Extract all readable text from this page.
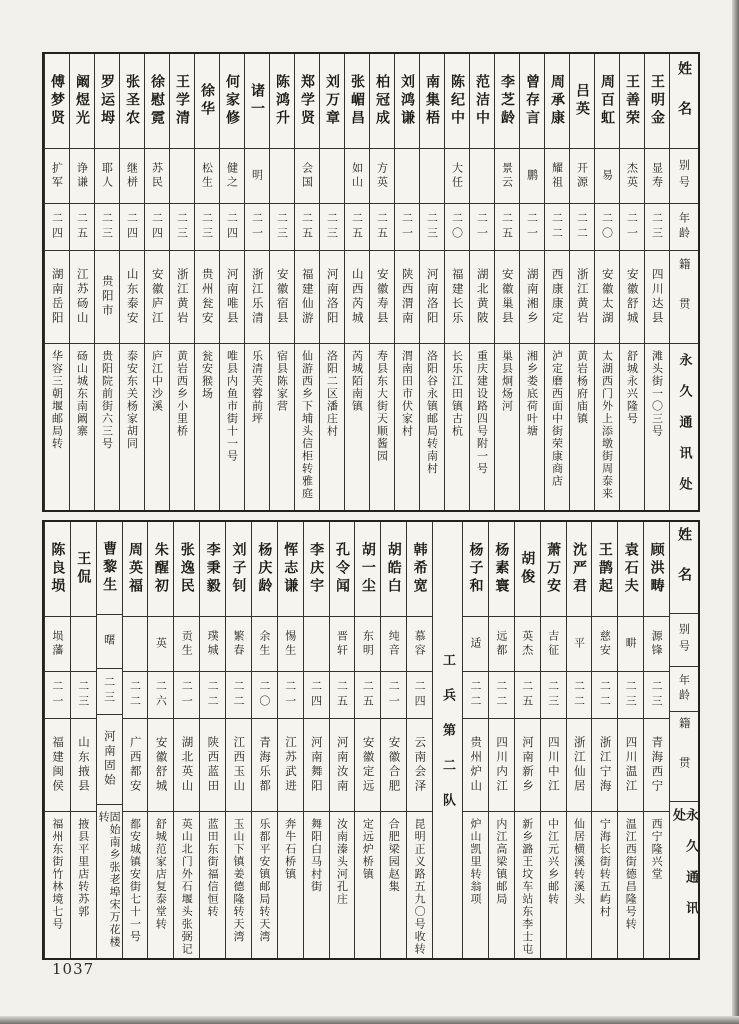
姓名
别号
年龄
籍贯
永久通讯处
王明金
显寿
二三
四川达县
滩头街一〇三号
王善荣
杰英
二一
安徽舒城
舒城永兴隆号
周百虹
易
二〇
安徽太湖
太湖西门外上添墩街周泰来
吕英
开源
二二
浙江黄岩
黄岩杨府庙镇
周承康
耀祖
二二
西康康定
泸定磨西面中街荣康商店
曾存言
鹏
二一
湖南湘乡
湘乡娄底荷叶塘
李芝龄
景云
二五
安徽巢县
巢县炯炀河
范洁中
二一
湖北黄陂
重庆建设路四号附一号
陈纪中
大任
二〇
福建长乐
长乐江田镇古杭
南集梧
二三
河南洛阳
洛阳谷永镇邮局转南村
刘鸿谦
二一
陕西渭南
渭南田市伏家村
柏冠成
方英
二五
安徽寿县
寿县东大街天顺酱园
张嵋昌
如山
二五
山西芮城
芮城陌南镇
刘万章
二三
河南洛阳
洛阳二区潘庄村
郑学贤
会国
二五
福建仙游
仙游西乡下埔头信柜转雅庭
陈鸿升
二三
安徽宿县
宿县陈家营
诸一
明
二一
浙江乐清
乐清芙蓉前坪
何家修
健之
二四
河南唯县
唯县内鱼市街十一号
徐华
松生
二三
贵州瓮安
瓮安猴场
王学清
二三
浙江黄岩
黄岩西乡小里桥
徐慰霓
苏民
二四
安徽庐江
庐江中沙溪
张圣农
继栟
二四
山东泰安
泰安东关杨家胡同
罗运坶
耶人
二三
贵阳市
贵阳院前街六三号
阚煜光
诤谦
二五
江苏砀山
砀山城东南阚寨
傅梦贤
扩军
二四
湖南岳阳
华容三朝堰邮局转
姓名
别号
年龄
籍贯
永久通讯处
顾洪畴
源锋
二三
青海西宁
西宁隆兴堂
袁石夫
畊
二三
四川温江
温江西街德昌隆号转
王鹊起
慈安
二二
浙江宁海
宁海长街转五屿村
沈严君
平
二二
浙江仙居
仙居横溪转溪头
萧万安
吉征
二三
四川中江
中江元兴乡邮转
胡俊
英杰
二五
河南新乡
新乡潞王坟车站东李士屯
杨素寰
远都
二二
四川内江
内江高梁镇邮局
杨子和
适
二二
贵州炉山
炉山凯里转翁项
工兵第二队
韩希宽
慕容
二四
云南会泽
昆明正义路五九〇号收转
胡皓白
纯音
二一
安徽合肥
合肥梁园赵集
胡一尘
东明
二五
安徽定远
定远炉桥镇
孔令闻
晋轩
二五
河南汝南
汝南溱头河孔庄
李庆宇
二四
河南舞阳
舞阳白马村街
恽志谦
惕生
二一
江苏武进
奔牛石桥镇
杨庆龄
余生
二〇
青海乐都
乐都平安镇邮局转天湾
刘子钊
繁春
二二
江西玉山
玉山下镇姜德隆转天湾
李秉毅
璞城
二二
陕西蓝田
蓝田东街福信恒转
张逸民
贡生
二一
湖北英山
英山北门外石堰头张弼记
朱醒初
英
二六
安徽舒城
舒城范家店复泰堂转
周英福
二二
广西都安
都安城镇安街七十一号
曹黎生
曙
二三
河南固始
固始南乡张老埠宋万花楼转
王侃
二三
山东掖县
掖县平里店转苏郭
陈良埙
埙藩
二一
福建闽侯
福州东街竹林境七号
1037
